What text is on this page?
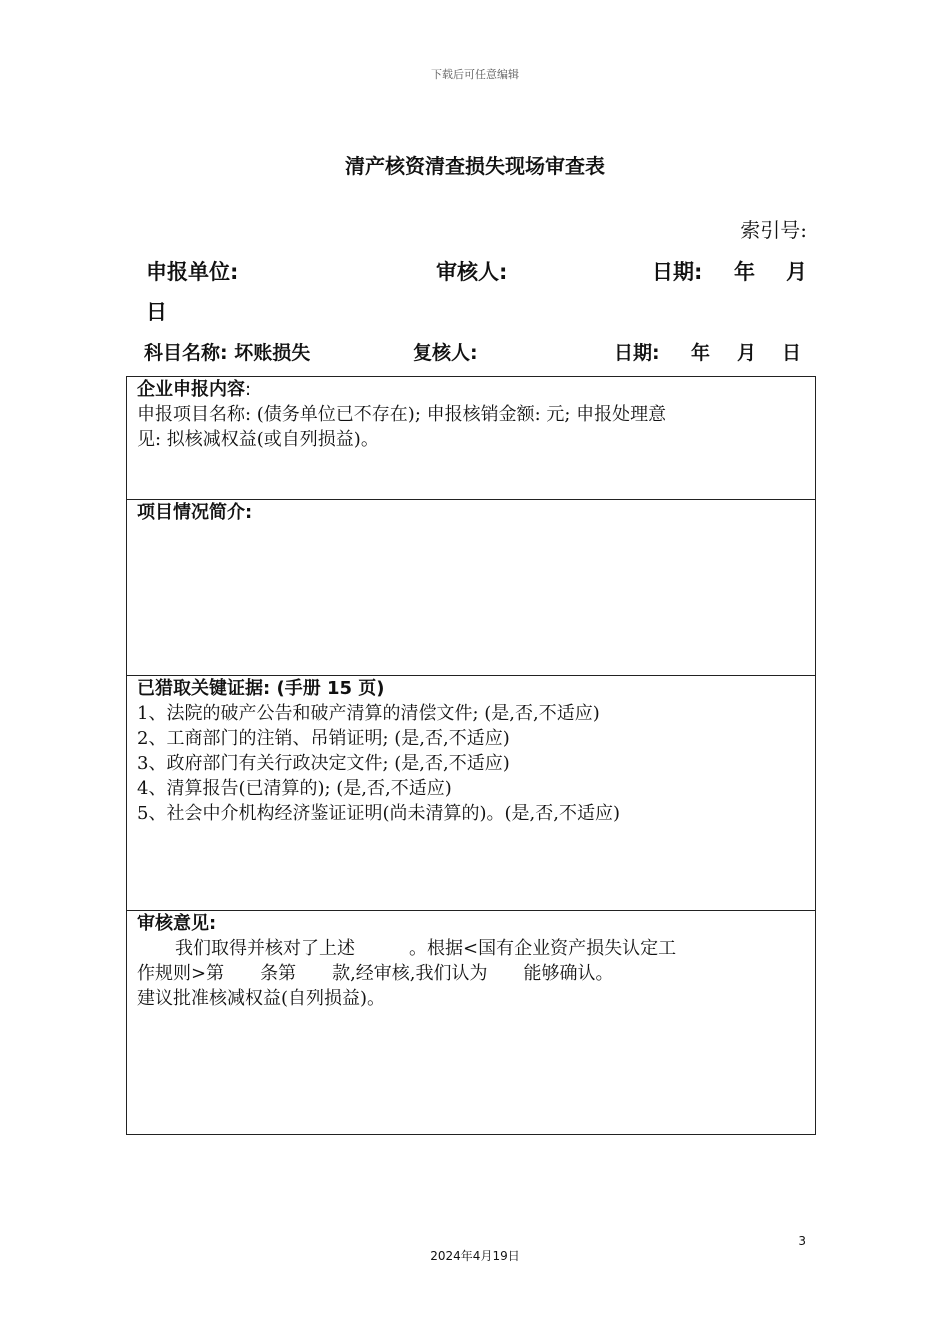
下载后可任意编辑
清产核资清查损失现场审查表
索引号:
申报单位:	审核人:	日期: 年 月
日
科目名称: 坏账损失	复核人:	日期: 年 月 日
企业申报内容:
申报项目名称: (债务单位已不存在); 申报核销金额: 元; 申报处理意
见: 拟核减权益(或自列损益)。

项目情况简介:

已猎取关键证据: (手册 15 页)
1、法院的破产公告和破产清算的清偿文件; (是,否,不适应)
2、工商部门的注销、吊销证明; (是,否,不适应)
3、政府部门有关行政决定文件; (是,否,不适应)
4、清算报告(已清算的); (是,否,不适应)
5、社会中介机构经济鉴证证明(尚未清算的)。(是,否,不适应)

审核意见:
我们取得并核对了上述　　　。根据<国有企业资产损失认定工
作规则>第　　条第　　款,经审核,我们认为　　能够确认。
建议批准核减权益(自列损益)。
3
2024年4月19日
